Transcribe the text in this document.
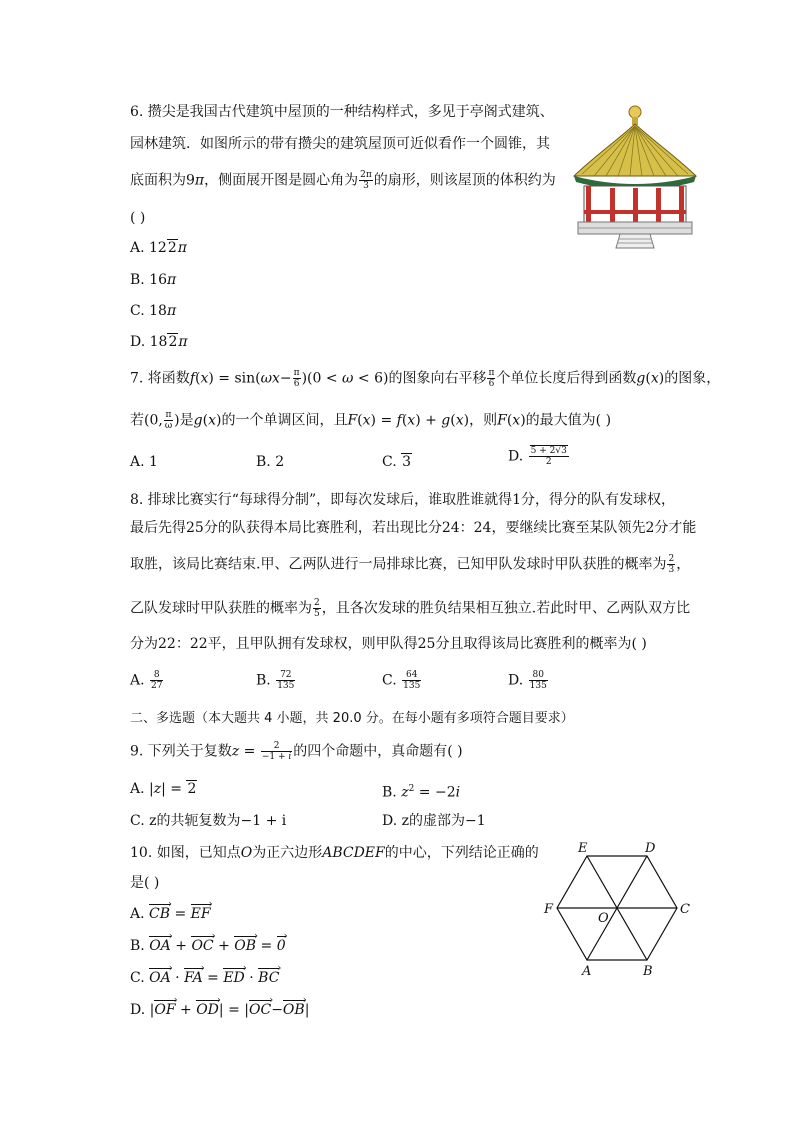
6. 攒尖是我国古代建筑中屋顶的一种结构样式，多见于亭阁式建筑、
园林建筑．如图所示的带有攒尖的建筑屋顶可近似看作一个圆锥，其
底面积为9π，侧面展开图是圆心角为 $\frac{2\pi}{3}$ 的扇形，则该屋顶的体积约为
( )
A. 122π
B. 16π
C. 18π
D. 182π
7. 将函数$f(x) = \sin(\omega x- \frac{\pi}{6} )(0 < \omega < 6)$的图象向右平移 $\frac{\pi}{6}$ 个单位长度后得到函数g(x)的图象，
若(0, $\frac{\pi}{\omega}$ )是g(x)的一个单调区间，且F(x) = f(x) + g(x)，则F(x)的最大值为( )
A. 1	B. 2	C. 3	D. $\frac{5 + 2√3}{2}$
8. 排球比赛实行“每球得分制”，即每次发球后，谁取胜谁就得1分，得分的队有发球权，
最后先得25分的队获得本局比赛胜利，若出现比分24：24，要继续比赛至某队领先2分才能
取胜，该局比赛结束.甲、乙两队进行一局排球比赛，已知甲队发球时甲队获胜的概率为 $\frac{2}{3}$ ，
乙队发球时甲队获胜的概率为 $\frac{2}{5}$ ，且各次发球的胜负结果相互独立.若此时甲、乙两队双方比
分为22：22平，且甲队拥有发球权，则甲队得25分且取得该局比赛胜利的概率为( )
A. $\frac{8}{27}$	B. $\frac{72}{135}$	C. $\frac{64}{135}$	D. $\frac{80}{135}$
二、多选题（本大题共 4 小题，共 20.0 分。在每小题有多项符合题目要求）
9. 下列关于复数$z = \frac{2}{-1 + i}$ 的四个命题中，真命题有( )
A. |z| = 2	B. $z^2 = -2i$
C. z的共轭复数为−1 + i	D. z的虚部为−1
10. 如图，已知点O为正六边形ABCDEF的中心，下列结论正确的
是( )
A. CB › = EF ›
B. OA › + OC › + OB › = 0 ›
C. OA › · FA › = ED › · BC ›
D. |OF › + OD ›| = |OC ›−OB ›|
E	D
F
O
C
A	B
